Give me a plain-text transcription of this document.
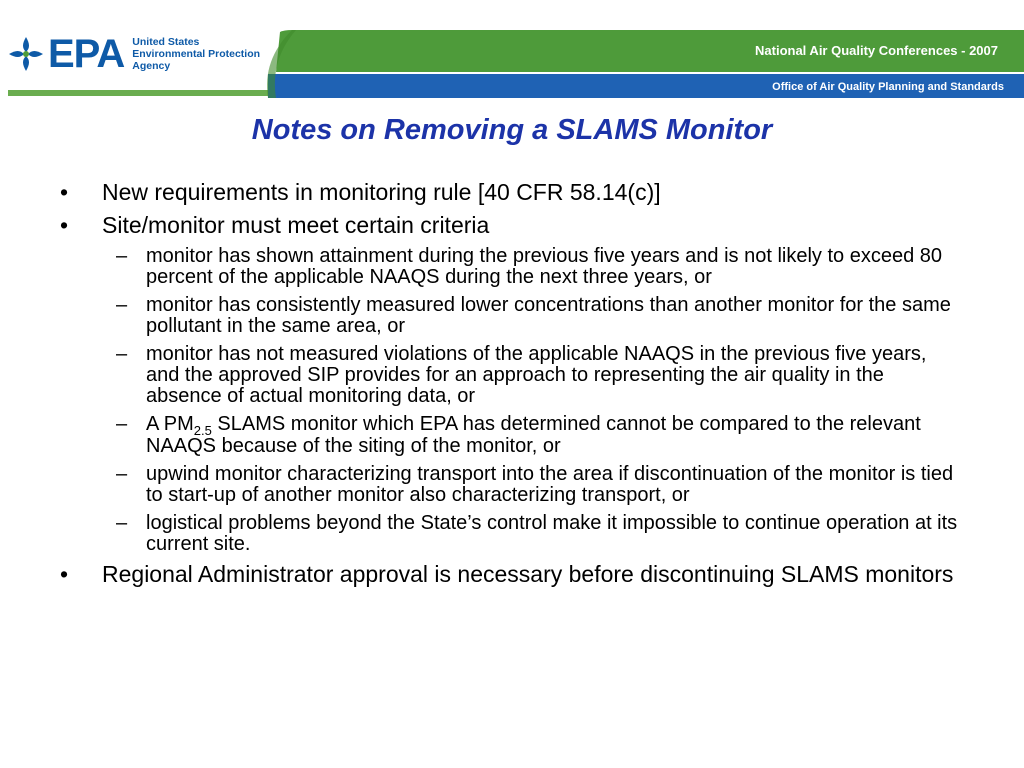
EPA United States
Environmental Protection
Agency
National Air Quality Conferences - 2007
Office of Air Quality Planning and Standards
Notes on Removing a SLAMS Monitor
• New requirements in monitoring rule [40 CFR 58.14(c)]
• Site/monitor must meet certain criteria
– monitor has shown attainment during the previous five years and is not likely to exceed 80 percent of the applicable NAAQS during the next three years, or
– monitor has consistently measured lower concentrations than another monitor for the same pollutant in the same area, or
– monitor has not measured violations of the applicable NAAQS in the previous five years, and the approved SIP provides for an approach to representing the air quality in the absence of actual monitoring data, or
– A $PM_{2.5}$ SLAMS monitor which EPA has determined cannot be compared to the relevant NAAQS because of the siting of the monitor, or
– upwind monitor characterizing transport into the area if discontinuation of the monitor is tied to start-up of another monitor also characterizing transport, or
– logistical problems beyond the State’s control make it impossible to continue operation at its current site.
• Regional Administrator approval is necessary before discontinuing SLAMS monitors
